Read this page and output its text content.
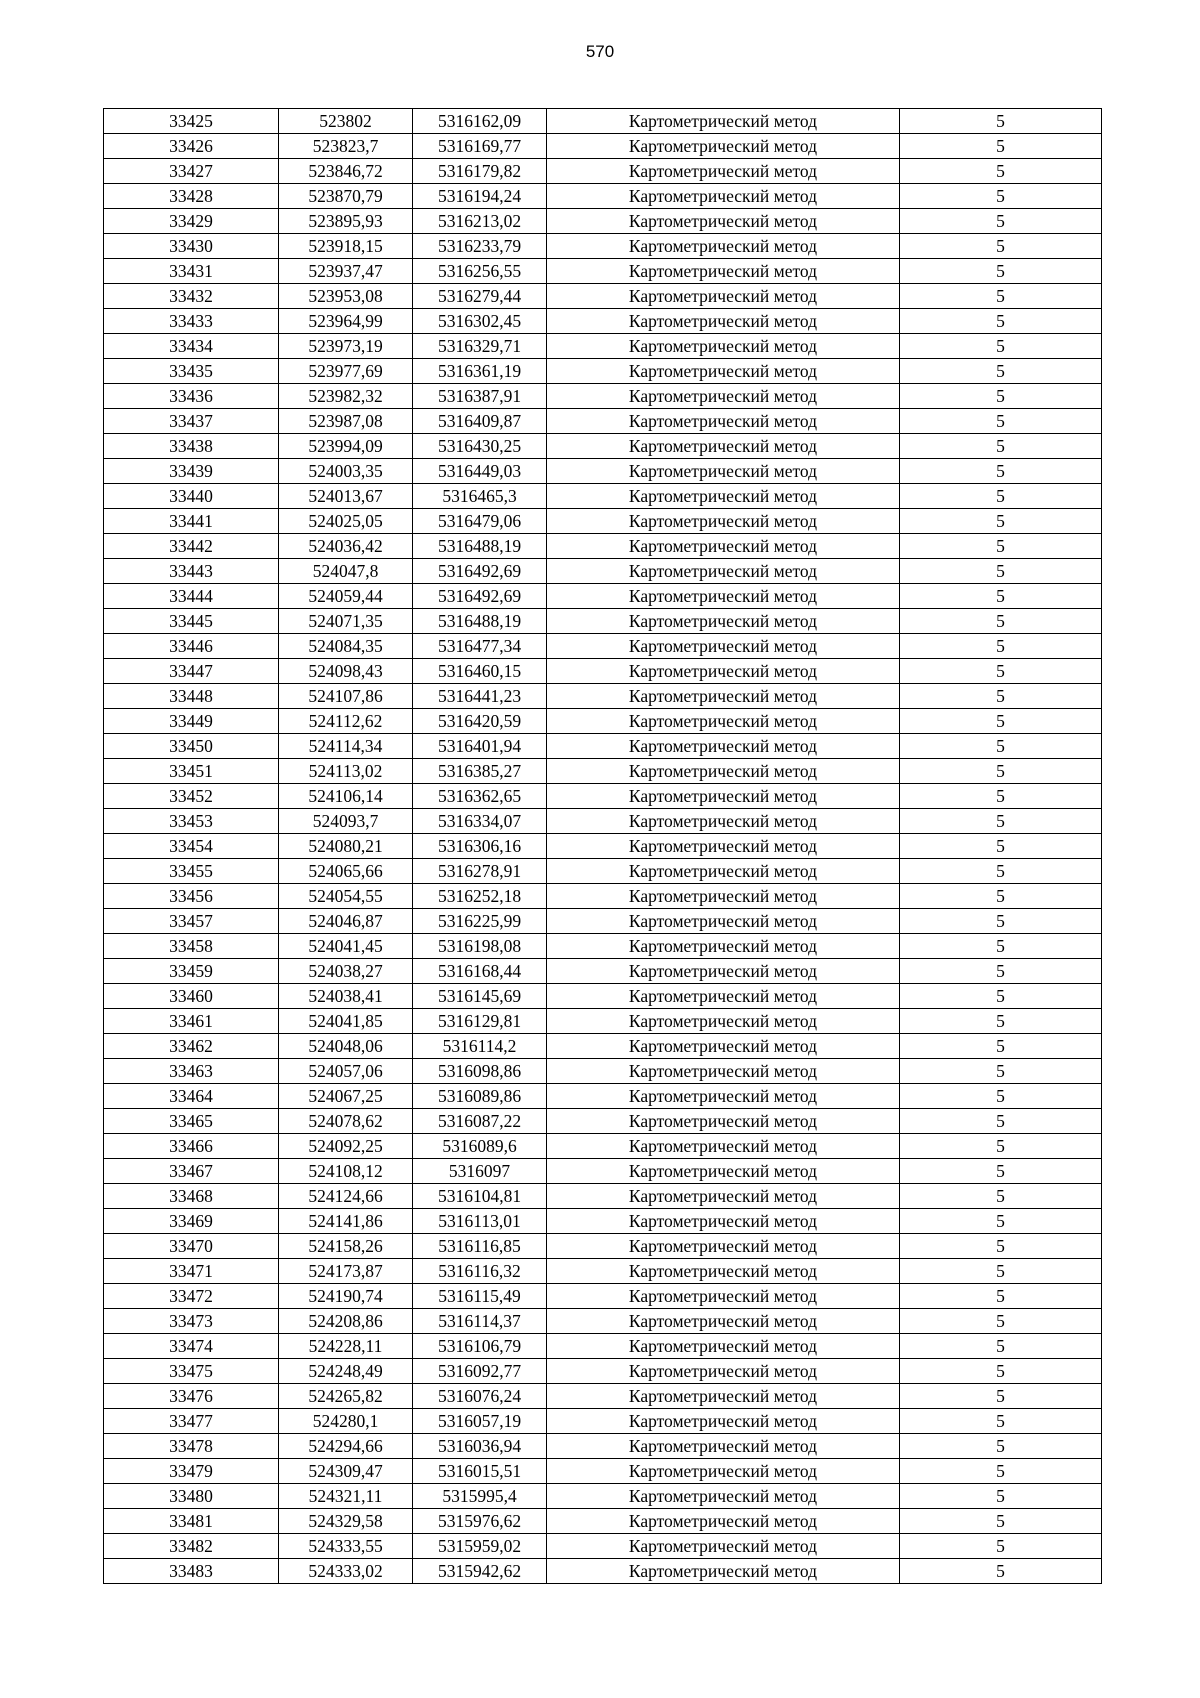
570
33425	523802	5316162,09	Картометрический метод	5
33426	523823,7	5316169,77	Картометрический метод	5
33427	523846,72	5316179,82	Картометрический метод	5
33428	523870,79	5316194,24	Картометрический метод	5
33429	523895,93	5316213,02	Картометрический метод	5
33430	523918,15	5316233,79	Картометрический метод	5
33431	523937,47	5316256,55	Картометрический метод	5
33432	523953,08	5316279,44	Картометрический метод	5
33433	523964,99	5316302,45	Картометрический метод	5
33434	523973,19	5316329,71	Картометрический метод	5
33435	523977,69	5316361,19	Картометрический метод	5
33436	523982,32	5316387,91	Картометрический метод	5
33437	523987,08	5316409,87	Картометрический метод	5
33438	523994,09	5316430,25	Картометрический метод	5
33439	524003,35	5316449,03	Картометрический метод	5
33440	524013,67	5316465,3	Картометрический метод	5
33441	524025,05	5316479,06	Картометрический метод	5
33442	524036,42	5316488,19	Картометрический метод	5
33443	524047,8	5316492,69	Картометрический метод	5
33444	524059,44	5316492,69	Картометрический метод	5
33445	524071,35	5316488,19	Картометрический метод	5
33446	524084,35	5316477,34	Картометрический метод	5
33447	524098,43	5316460,15	Картометрический метод	5
33448	524107,86	5316441,23	Картометрический метод	5
33449	524112,62	5316420,59	Картометрический метод	5
33450	524114,34	5316401,94	Картометрический метод	5
33451	524113,02	5316385,27	Картометрический метод	5
33452	524106,14	5316362,65	Картометрический метод	5
33453	524093,7	5316334,07	Картометрический метод	5
33454	524080,21	5316306,16	Картометрический метод	5
33455	524065,66	5316278,91	Картометрический метод	5
33456	524054,55	5316252,18	Картометрический метод	5
33457	524046,87	5316225,99	Картометрический метод	5
33458	524041,45	5316198,08	Картометрический метод	5
33459	524038,27	5316168,44	Картометрический метод	5
33460	524038,41	5316145,69	Картометрический метод	5
33461	524041,85	5316129,81	Картометрический метод	5
33462	524048,06	5316114,2	Картометрический метод	5
33463	524057,06	5316098,86	Картометрический метод	5
33464	524067,25	5316089,86	Картометрический метод	5
33465	524078,62	5316087,22	Картометрический метод	5
33466	524092,25	5316089,6	Картометрический метод	5
33467	524108,12	5316097	Картометрический метод	5
33468	524124,66	5316104,81	Картометрический метод	5
33469	524141,86	5316113,01	Картометрический метод	5
33470	524158,26	5316116,85	Картометрический метод	5
33471	524173,87	5316116,32	Картометрический метод	5
33472	524190,74	5316115,49	Картометрический метод	5
33473	524208,86	5316114,37	Картометрический метод	5
33474	524228,11	5316106,79	Картометрический метод	5
33475	524248,49	5316092,77	Картометрический метод	5
33476	524265,82	5316076,24	Картометрический метод	5
33477	524280,1	5316057,19	Картометрический метод	5
33478	524294,66	5316036,94	Картометрический метод	5
33479	524309,47	5316015,51	Картометрический метод	5
33480	524321,11	5315995,4	Картометрический метод	5
33481	524329,58	5315976,62	Картометрический метод	5
33482	524333,55	5315959,02	Картометрический метод	5
33483	524333,02	5315942,62	Картометрический метод	5
